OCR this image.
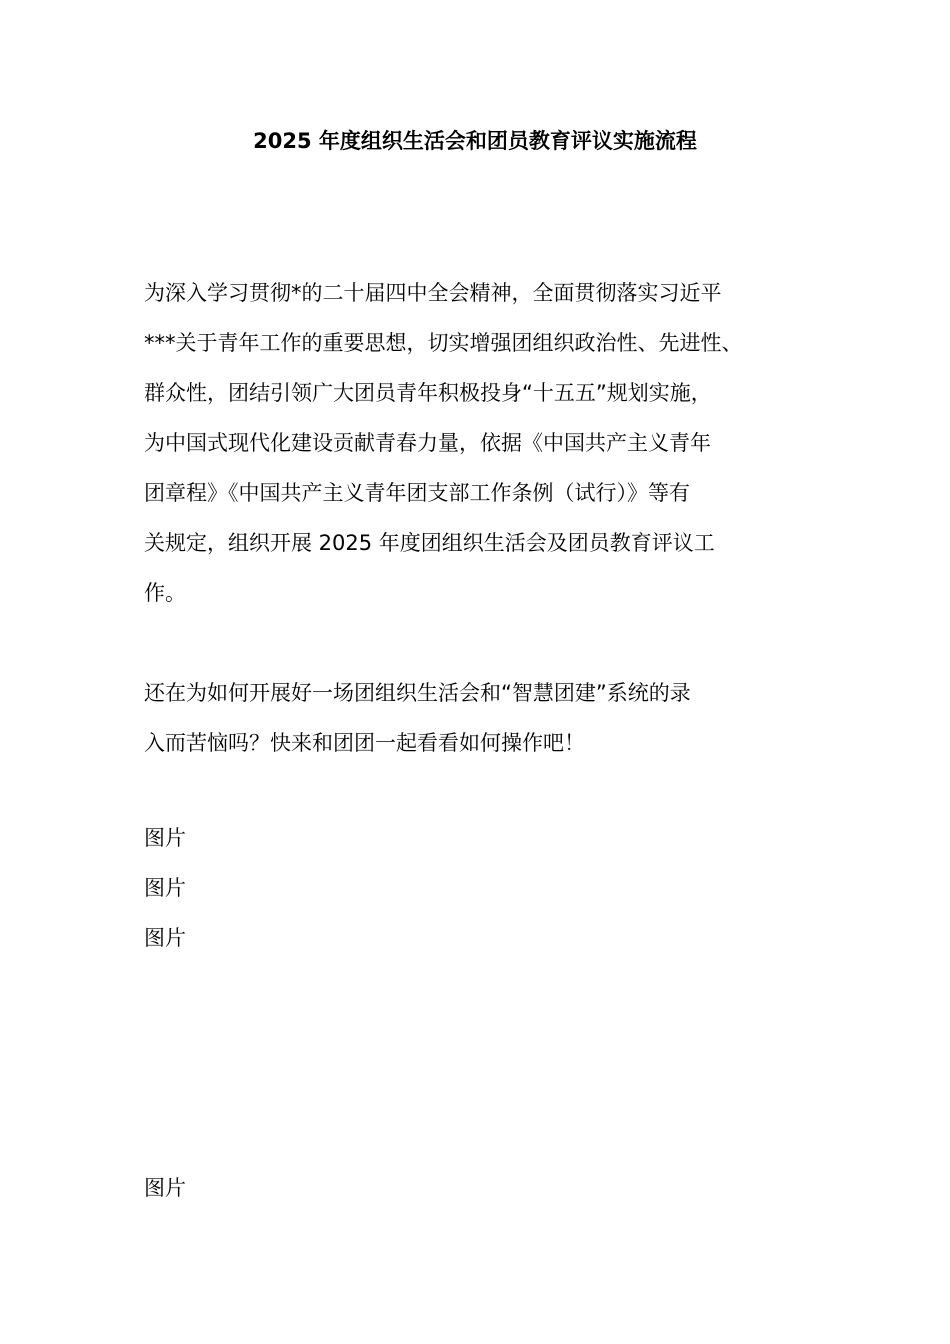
2025 年度组织生活会和团员教育评议实施流程

为深入学习贯彻*的二十届四中全会精神，全面贯彻落实习近平
***关于青年工作的重要思想，切实增强团组织政治性、先进性、
群众性，团结引领广大团员青年积极投身“十五五”规划实施，
为中国式现代化建设贡献青春力量，依据《中国共产主义青年
团章程》《中国共产主义青年团支部工作条例（试行）》等有
关规定，组织开展 2025 年度团组织生活会及团员教育评议工
作。

还在为如何开展好一场团组织生活会和“智慧团建”系统的录
入而苦恼吗？快来和团团一起看看如何操作吧！

图片

图片

图片

图片
